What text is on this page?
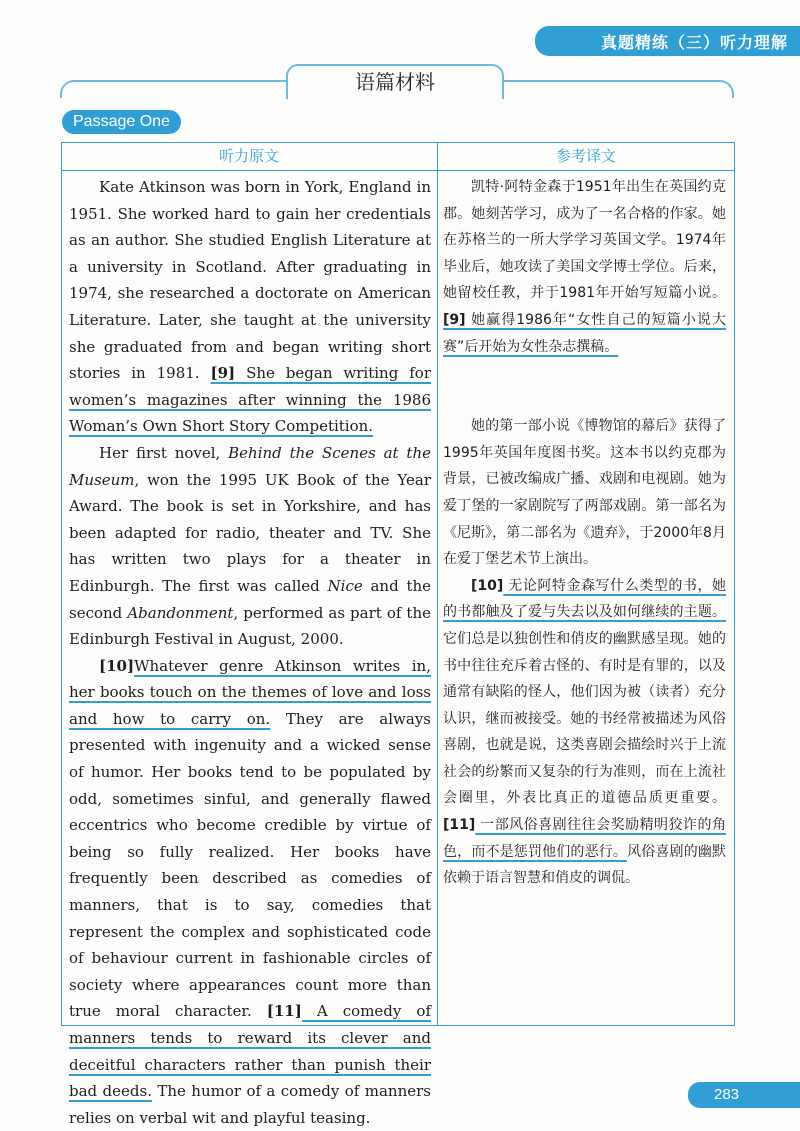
真题精练（三）听力理解
语篇材料
Passage One
听力原文	参考译文

Kate Atkinson was born in York, England in 1951. She worked hard to gain her credentials as an author. She studied English Literature at a university in Scotland. After graduating in 1974, she researched a doctorate on American Literature. Later, she taught at the university she graduated from and began writing short stories in 1981. [9] She began writing for women’s magazines after winning the 1986 Woman’s Own Short Story Competition.

Her first novel, Behind the Scenes at the Museum, won the 1995 UK Book of the Year Award. The book is set in Yorkshire, and has been adapted for radio, theater and TV. She has written two plays for a theater in Edinburgh. The first was called Nice and the second Abandonment, performed as part of the Edinburgh Festival in August, 2000.

[10]Whatever genre Atkinson writes in, her books touch on the themes of love and loss and how to carry on. They are always presented with ingenuity and a wicked sense of humor. Her books tend to be populated by odd, sometimes sinful, and generally flawed eccentrics who become credible by virtue of being so fully realized. Her books have frequently been described as comedies of manners, that is to say, comedies that represent the complex and sophisticated code of behaviour current in fashionable circles of society where appearances count more than true moral character. [11] A comedy of manners tends to reward its clever and deceitful characters rather than punish their bad deeds. The humor of a comedy of manners relies on verbal wit and playful teasing.

凯特·阿特金森于1951年出生在英国约克郡。她刻苦学习，成为了一名合格的作家。她在苏格兰的一所大学学习英国文学。1974年毕业后，她攻读了美国文学博士学位。后来，她留校任教，并于1981年开始写短篇小说。[9] 她赢得1986年“女性自己的短篇小说大赛”后开始为女性杂志撰稿。

她的第一部小说《博物馆的幕后》获得了1995年英国年度图书奖。这本书以约克郡为背景，已被改编成广播、戏剧和电视剧。她为爱丁堡的一家剧院写了两部戏剧。第一部名为《尼斯》，第二部名为《遗弃》，于2000年8月在爱丁堡艺术节上演出。

[10] 无论阿特金森写什么类型的书，她的书都触及了爱与失去以及如何继续的主题。它们总是以独创性和俏皮的幽默感呈现。她的书中往往充斥着古怪的、有时是有罪的，以及通常有缺陷的怪人，他们因为被（读者）充分认识，继而被接受。她的书经常被描述为风俗喜剧，也就是说，这类喜剧会描绘时兴于上流社会的纷繁而又复杂的行为准则，而在上流社会圈里，外表比真正的道德品质更重要。[11] 一部风俗喜剧往往会奖励精明狡诈的角色，而不是惩罚他们的恶行。风俗喜剧的幽默依赖于语言智慧和俏皮的调侃。

283
